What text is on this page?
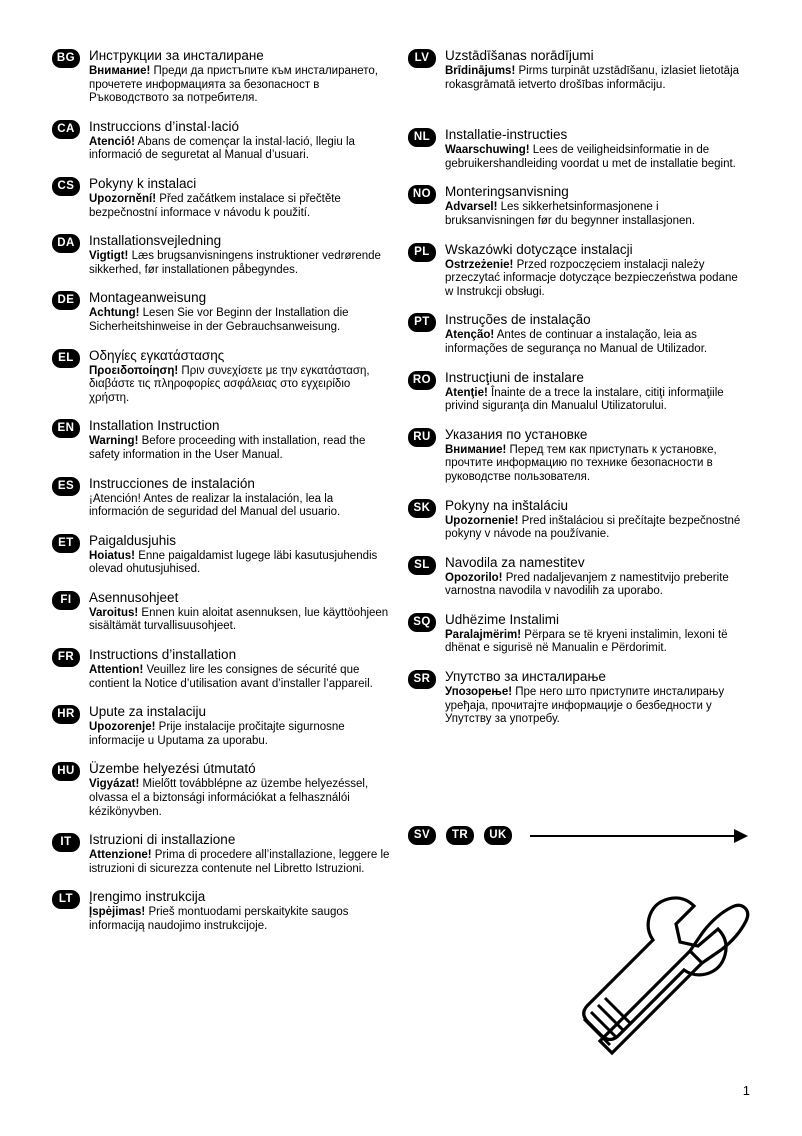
BG	Инструкции за инсталиране
Внимание! Преди да пристъпите към инсталирането, прочетете информацията за безопасност в Ръководството за потребителя.
CA	Instruccions d’instal·lació
Atenció! Abans de començar la instal·lació, llegiu la informació de seguretat al Manual d’usuari.
CS	Pokyny k instalaci
Upozornění! Před začátkem instalace si přečtěte bezpečnostní informace v návodu k použití.
DA	Installationsvejledning
Vigtigt! Læs brugsanvisningens instruktioner vedrørende sikkerhed, før installationen påbegyndes.
DE	Montageanweisung
Achtung! Lesen Sie vor Beginn der Installation die Sicherheitshinweise in der Gebrauchsanweisung.
EL	Οδηγίες εγκατάστασης
Προειδοποίηση! Πριν συνεχίσετε με την εγκατάσταση, διαβάστε τις πληροφορίες ασφάλειας στο εγχειρίδιο χρήστη.
EN	Installation Instruction
Warning! Before proceeding with installation, read the safety information in the User Manual.
ES	Instrucciones de instalación
¡Atención! Antes de realizar la instalación, lea la información de seguridad del Manual del usuario.
ET	Paigaldusjuhis
Hoiatus! Enne paigaldamist lugege läbi kasutusjuhendis olevad ohutusjuhised.
FI	Asennusohjeet
Varoitus! Ennen kuin aloitat asennuksen, lue käyttöohjeen sisältämät turvallisuusohjeet.
FR	Instructions d’installation
Attention! Veuillez lire les consignes de sécurité que contient la Notice d’utilisation avant d’installer l’appareil.
HR	Upute za instalaciju
Upozorenje! Prije instalacije pročitajte sigurnosne informacije u Uputama za uporabu.
HU	Üzembe helyezési útmutató
Vigyázat! Mielőtt továbblépne az üzembe helyezéssel, olvassa el a biztonsági információkat a felhasználói kézikönyvben.
IT	Istruzioni di installazione
Attenzione! Prima di procedere all’installazione, leggere le istruzioni di sicurezza contenute nel Libretto Istruzioni.
LT	Įrengimo instrukcija
Įspėjimas! Prieš montuodami perskaitykite saugos informaciją naudojimo instrukcijoje.
LV	Uzstādīšanas norādījumi
Brīdinājums! Pirms turpināt uzstādīšanu, izlasiet lietotāja rokasgrāmatā ietverto drošības informāciju.
NL	Installatie-instructies
Waarschuwing! Lees de veiligheidsinformatie in de gebruikershandleiding voordat u met de installatie begint.
NO	Monteringsanvisning
Advarsel! Les sikkerhetsinformasjonene i bruksanvisningen før du begynner installasjonen.
PL	Wskazówki dotyczące instalacji
Ostrzeżenie! Przed rozpoczęciem instalacji należy przeczytać informacje dotyczące bezpieczeństwa podane w Instrukcji obsługi.
PT	Instruções de instalação
Atenção! Antes de continuar a instalação, leia as informações de segurança no Manual de Utilizador.
RO	Instrucţiuni de instalare
Atenţie! Înainte de a trece la instalare, citiţi informaţiile privind siguranţa din Manualul Utilizatorului.
RU	Указания по установке
Внимание! Перед тем как приступать к установке, прочтите информацию по технике безопасности в руководстве пользователя.
SK	Pokyny na inštaláciu
Upozornenie! Pred inštaláciou si prečítajte bezpečnostné pokyny v návode na používanie.
SL	Navodila za namestitev
Opozorilo! Pred nadaljevanjem z namestitvijo preberite varnostna navodila v navodilih za uporabo.
SQ	Udhëzime Instalimi
Paralajmërim! Përpara se të kryeni instalimin, lexoni të dhënat e sigurisë në Manualin e Përdorimit.
SR	Упутство за инсталирање
Упозорење! Пре него што приступите инсталирању уређаја, прочитајте информације о безбедности у Упутству за употребу.
SV	TR	UK
1
